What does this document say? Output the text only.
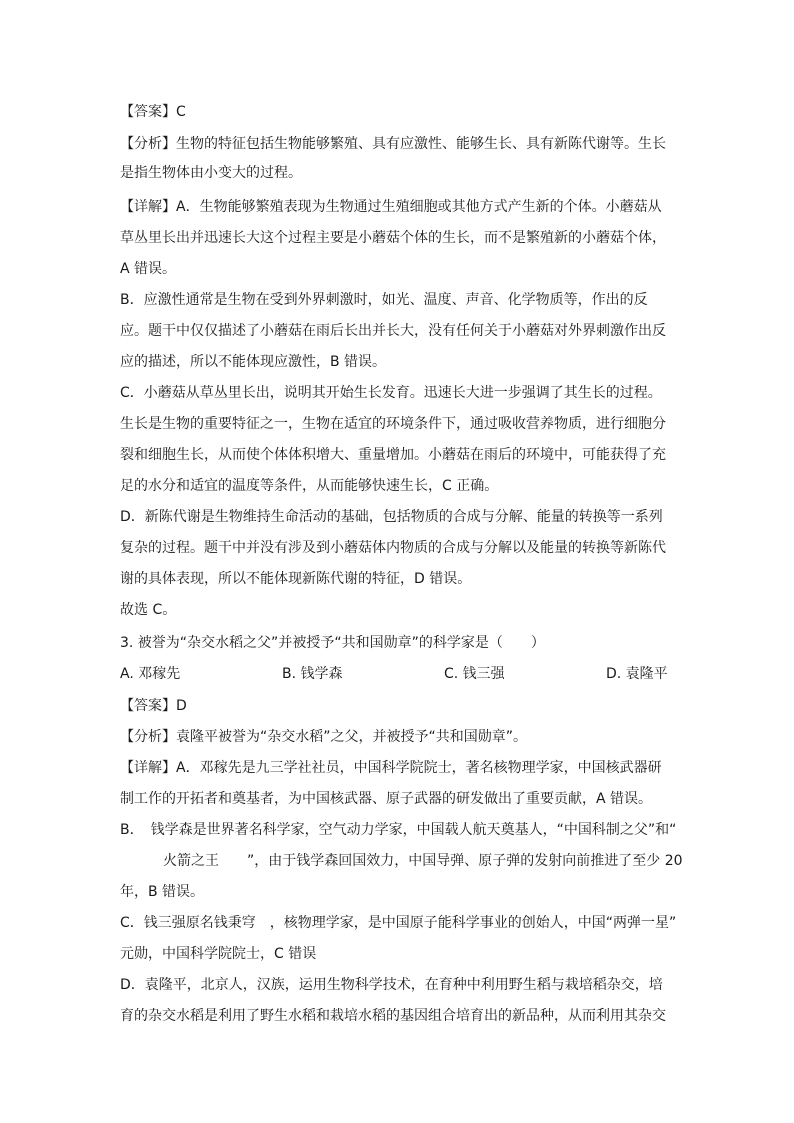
【答案】C
【分析】生物的特征包括生物能够繁殖、具有应激性、能够生长、具有新陈代谢等。生长
是指生物体由小变大的过程。
【详解】A．生物能够繁殖表现为生物通过生殖细胞或其他方式产生新的个体。小蘑菇从
草丛里长出并迅速长大这个过程主要是小蘑菇个体的生长，而不是繁殖新的小蘑菇个体，
A 错误。
B．应激性通常是生物在受到外界刺激时，如光、温度、声音、化学物质等，作出的反
应。题干中仅仅描述了小蘑菇在雨后长出并长大，没有任何关于小蘑菇对外界刺激作出反
应的描述，所以不能体现应激性，B 错误。
C．小蘑菇从草丛里长出，说明其开始生长发育。迅速长大进一步强调了其生长的过程。
生长是生物的重要特征之一，生物在适宜的环境条件下，通过吸收营养物质，进行细胞分
裂和细胞生长，从而使个体体积增大、重量增加。小蘑菇在雨后的环境中，可能获得了充
足的水分和适宜的温度等条件，从而能够快速生长，C 正确。
D．新陈代谢是生物维持生命活动的基础，包括物质的合成与分解、能量的转换等一系列
复杂的过程。题干中并没有涉及到小蘑菇体内物质的合成与分解以及能量的转换等新陈代
谢的具体表现，所以不能体现新陈代谢的特征，D 错误。
故选 C。
3. 被誉为“杂交水稻之父”并被授予“共和国勋章”的科学家是（　　）
A. 邓稼先	B. 钱学森	C. 钱三强	D. 袁隆平
【答案】D
【分析】袁隆平被誉为“杂交水稻”之父，并被授予“共和国勋章”。
【详解】A．邓稼先是九三学社社员，中国科学院院士，著名核物理学家，中国核武器研
制工作的开拓者和奠基者，为中国核武器、原子武器的研发做出了重要贡献，A 错误。
B．　钱学森是世界著名科学家，空气动力学家，中国载人航天奠基人，“中国科制之父”和“
火箭之王　　”，由于钱学森回国效力，中国导弹、原子弹的发射向前推进了至少 20
年，B 错误。
C．钱三强原名钱秉穹　，核物理学家，是中国原子能科学事业的创始人，中国“两弹一星”
元勋，中国科学院院士，C 错误
D．袁隆平，北京人，汉族，运用生物科学技术，在育种中利用野生稻与栽培稻杂交，培
育的杂交水稻是利用了野生水稻和栽培水稻的基因组合培育出的新品种，从而利用其杂交
